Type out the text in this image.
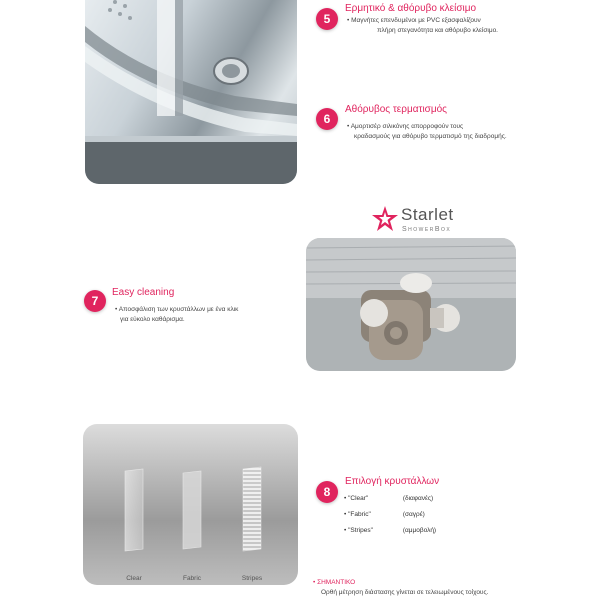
5
Ερμητικό & αθόρυβο κλείσιμο
• Μαγνήτες επενδυμένοι με PVC εξασφαλίζουν
πλήρη στεγανότητα και αθόρυβο κλείσιμο.
6
Αθόρυβος τερματισμός
• Αμορτισέρ σιλικόνης απορροφούν τους
κραδασμούς για αθόρυβο τερματισμό της διαδρομής.
Starlet
ShowerBox
7
Easy cleaning
• Αποσφάλιση των κρυστάλλων με ένα κλικ
για εύκολο καθάρισμα.
Clear	Fabric	Stripes
8
Επιλογή κρυστάλλων
• "Clear"	(διαφανές)
• "Fabric"	(σαγρέ)
• "Stripes"	(αμμοβολή)
• ΣΗΜΑΝΤΙΚΟ
Ορθή μέτρηση διάστασης γίνεται σε τελειωμένους τοίχους.
